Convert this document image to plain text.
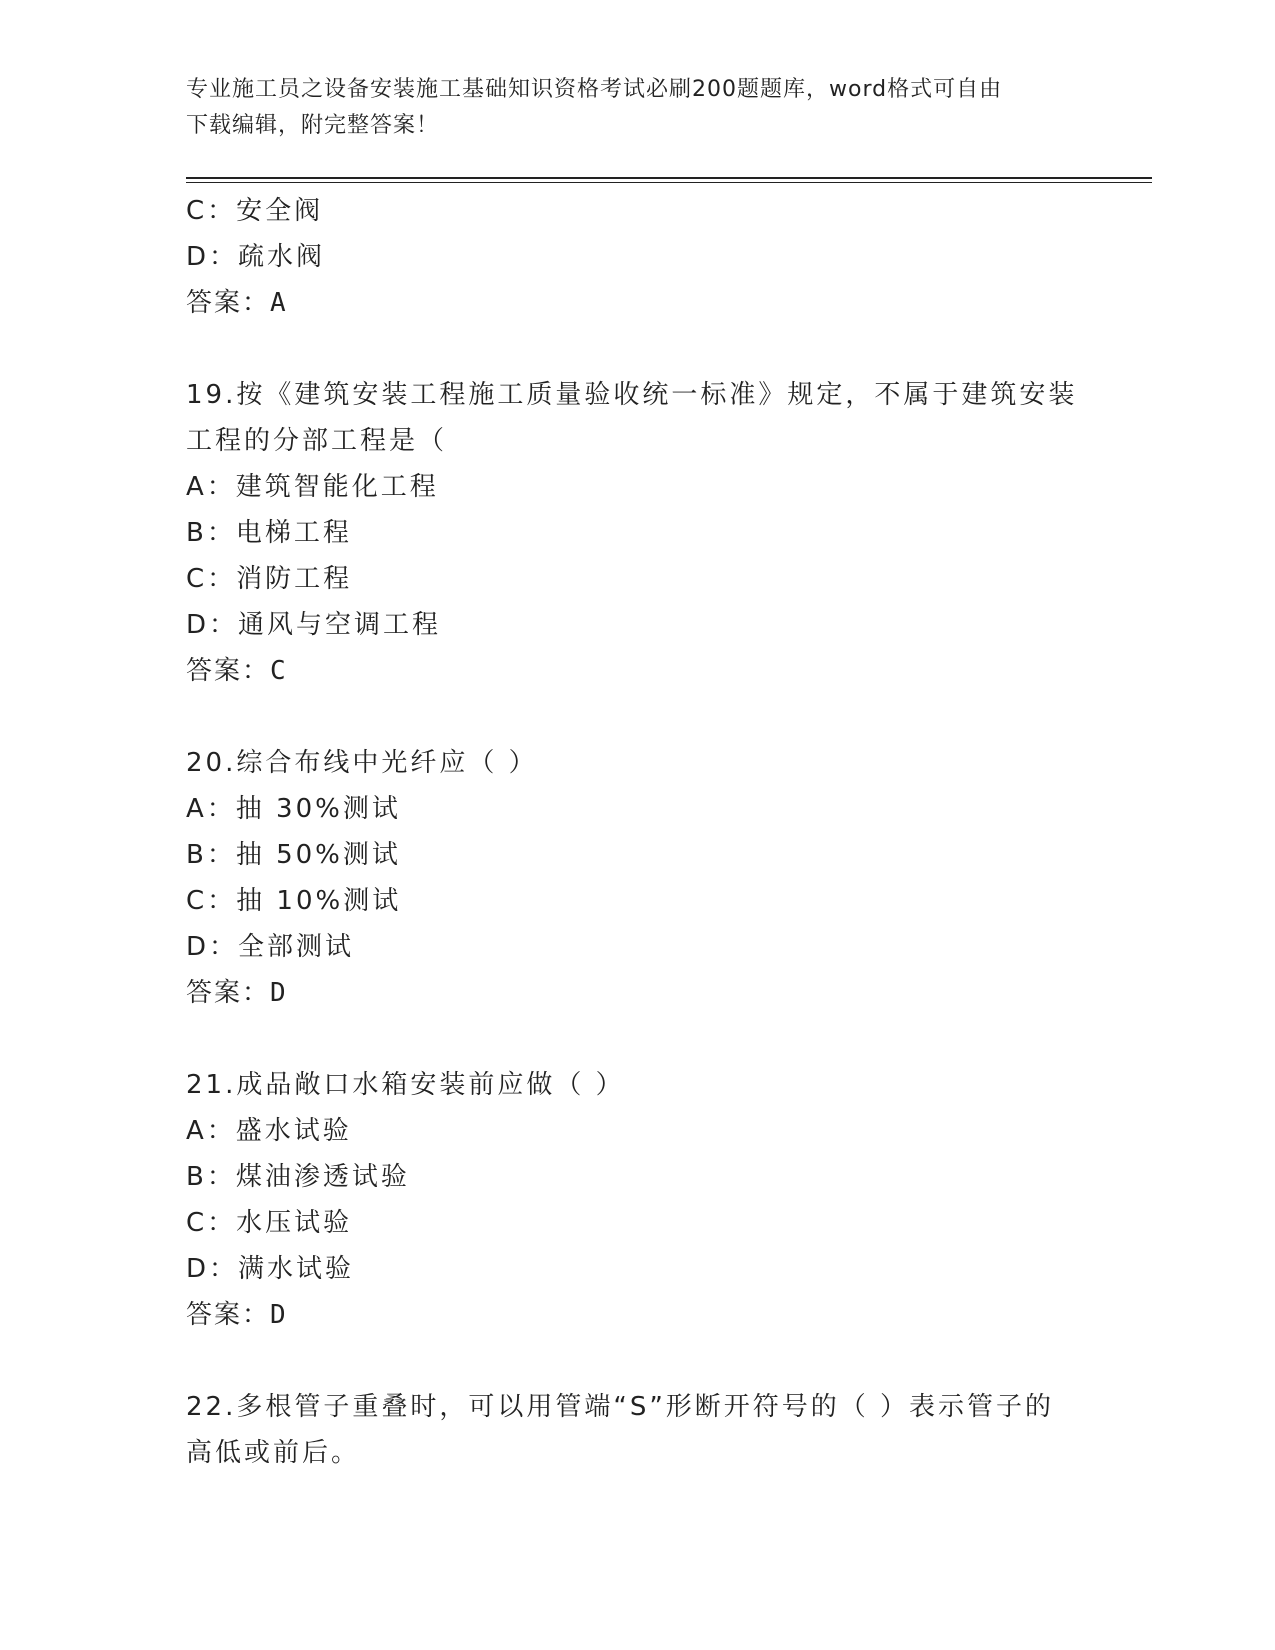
专业施工员之设备安装施工基础知识资格考试必刷200题题库，word格式可自由
下载编辑，附完整答案！
C：安全阀
D：疏水阀
答案：A
19.按《建筑安装工程施工质量验收统一标准》规定，不属于建筑安装
工程的分部工程是（
A：建筑智能化工程
B：电梯工程
C：消防工程
D：通风与空调工程
答案：C
20.综合布线中光纤应（ ）
A：抽 30%测试
B：抽 50%测试
C：抽 10%测试
D：全部测试
答案：D
21.成品敞口水箱安装前应做（ ）
A：盛水试验
B：煤油渗透试验
C：水压试验
D：满水试验
答案：D
22.多根管子重叠时，可以用管端“S”形断开符号的（ ）表示管子的
高低或前后。
